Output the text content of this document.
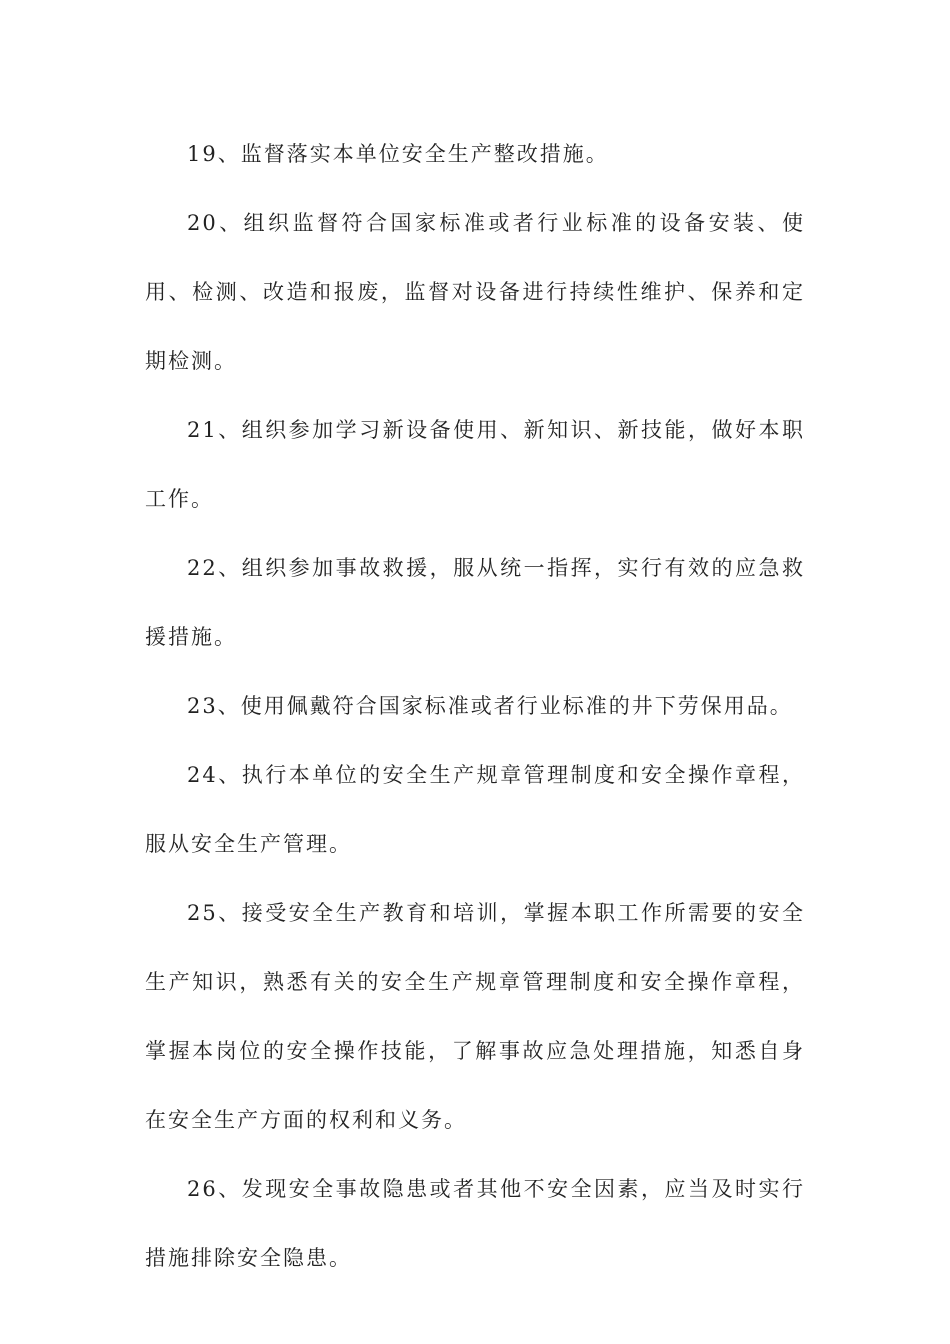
19、监督落实本单位安全生产整改措施。

20、组织监督符合国家标准或者行业标准的设备安装、使用、检测、改造和报废，监督对设备进行持续性维护、保养和定期检测。

21、组织参加学习新设备使用、新知识、新技能，做好本职工作。

22、组织参加事故救援，服从统一指挥，实行有效的应急救援措施。

23、使用佩戴符合国家标准或者行业标准的井下劳保用品。

24、执行本单位的安全生产规章管理制度和安全操作章程，服从安全生产管理。

25、接受安全生产教育和培训，掌握本职工作所需要的安全生产知识，熟悉有关的安全生产规章管理制度和安全操作章程，掌握本岗位的安全操作技能，了解事故应急处理措施，知悉自身在安全生产方面的权利和义务。

26、发现安全事故隐患或者其他不安全因素，应当及时实行措施排除安全隐患。
